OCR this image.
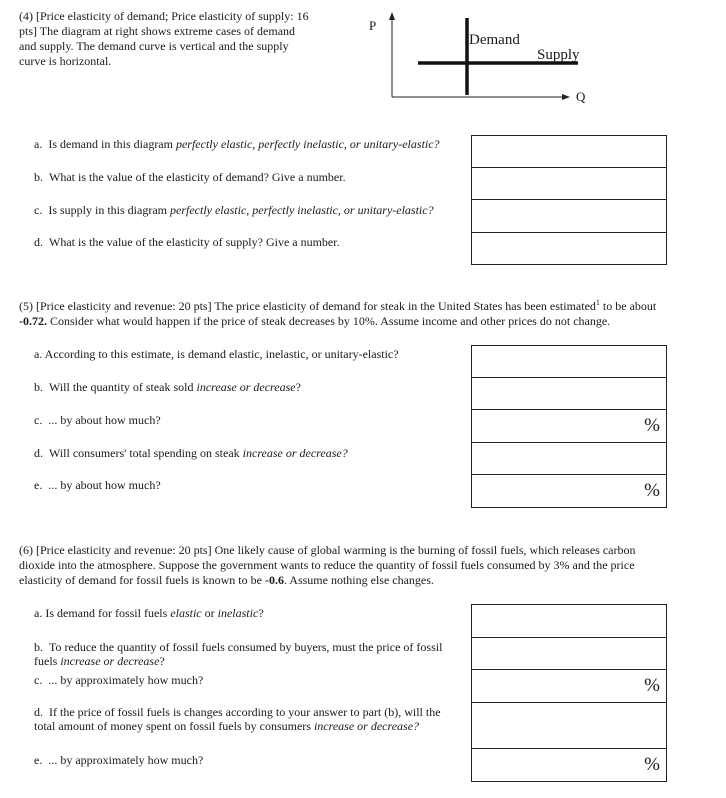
(4) [Price elasticity of demand; Price elasticity of supply: 16 pts] The diagram at right shows extreme cases of demand and supply. The demand curve is vertical and the supply curve is horizontal.
P
Q
Demand
Supply
a. Is demand in this diagram perfectly elastic, perfectly inelastic, or unitary-elastic?
b. What is the value of the elasticity of demand? Give a number.
c. Is supply in this diagram perfectly elastic, perfectly inelastic, or unitary-elastic?
d. What is the value of the elasticity of supply? Give a number.
(5) [Price elasticity and revenue: 20 pts] The price elasticity of demand for steak in the United States has been estimated$^1$ to be about -0.72. Consider what would happen if the price of steak decreases by 10%. Assume income and other prices do not change.
a. According to this estimate, is demand elastic, inelastic, or unitary-elastic?
b. Will the quantity of steak sold increase or decrease?
c. ... by about how much?
d. Will consumers' total spending on steak increase or decrease?
e. ... by about how much?
%
%
(6) [Price elasticity and revenue: 20 pts] One likely cause of global warming is the burning of fossil fuels, which releases carbon dioxide into the atmosphere. Suppose the government wants to reduce the quantity of fossil fuels consumed by 3% and the price elasticity of demand for fossil fuels is known to be -0.6. Assume nothing else changes.
a. Is demand for fossil fuels elastic or inelastic?
b. To reduce the quantity of fossil fuels consumed by buyers, must the price of fossil fuels increase or decrease?
c. ... by approximately how much?
d. If the price of fossil fuels is changes according to your answer to part (b), will the total amount of money spent on fossil fuels by consumers increase or decrease?
e. ... by approximately how much?
%
%
